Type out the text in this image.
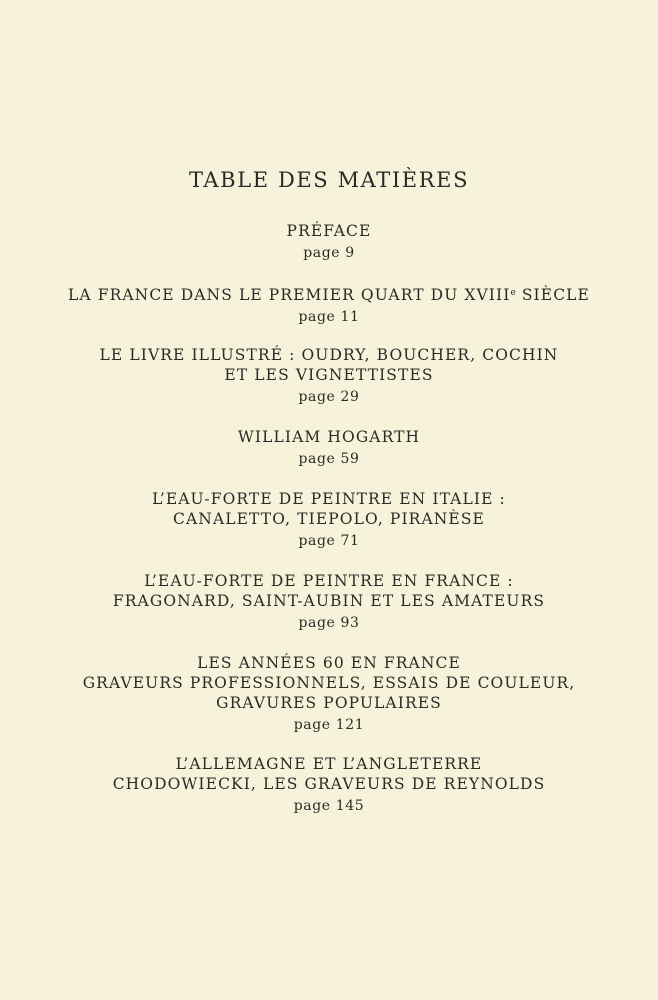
TABLE DES MATIÈRES
PRÉFACE
page 9
LA FRANCE DANS LE PREMIER QUART DU XVIIIe SIÈCLE
page 11
LE LIVRE ILLUSTRÉ : OUDRY, BOUCHER, COCHIN
ET LES VIGNETTISTES
page 29
WILLIAM HOGARTH
page 59
L’EAU-FORTE DE PEINTRE EN ITALIE :
CANALETTO, TIEPOLO, PIRANÈSE
page 71
L’EAU-FORTE DE PEINTRE EN FRANCE :
FRAGONARD, SAINT-AUBIN ET LES AMATEURS
page 93
LES ANNÉES 60 EN FRANCE
GRAVEURS PROFESSIONNELS, ESSAIS DE COULEUR,
GRAVURES POPULAIRES
page 121
L’ALLEMAGNE ET L’ANGLETERRE
CHODOWIECKI, LES GRAVEURS DE REYNOLDS
page 145
